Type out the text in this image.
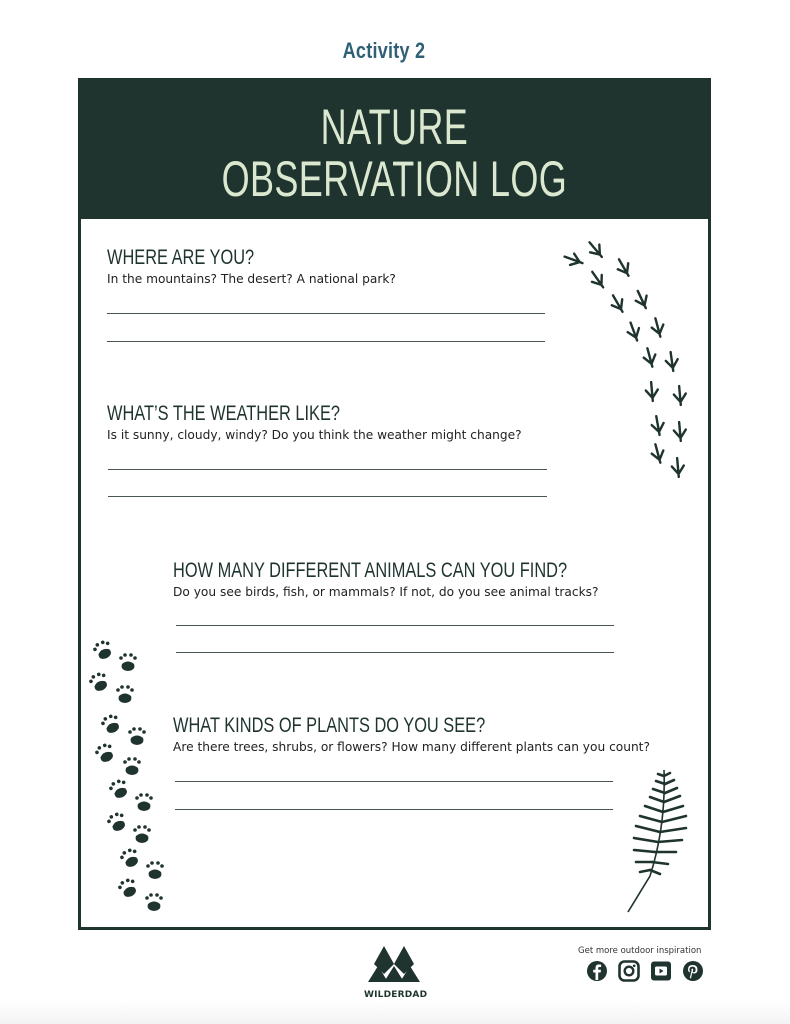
Activity 2
NATURE
OBSERVATION LOG
WHERE ARE YOU?
In the mountains? The desert? A national park?
WHAT’S THE WEATHER LIKE?
Is it sunny, cloudy, windy? Do you think the weather might change?
HOW MANY DIFFERENT ANIMALS CAN YOU FIND?
Do you see birds, fish, or mammals? If not, do you see animal tracks?
WHAT KINDS OF PLANTS DO YOU SEE?
Are there trees, shrubs, or flowers? How many different plants can you count?
WILDERDAD
Get more outdoor inspiration
